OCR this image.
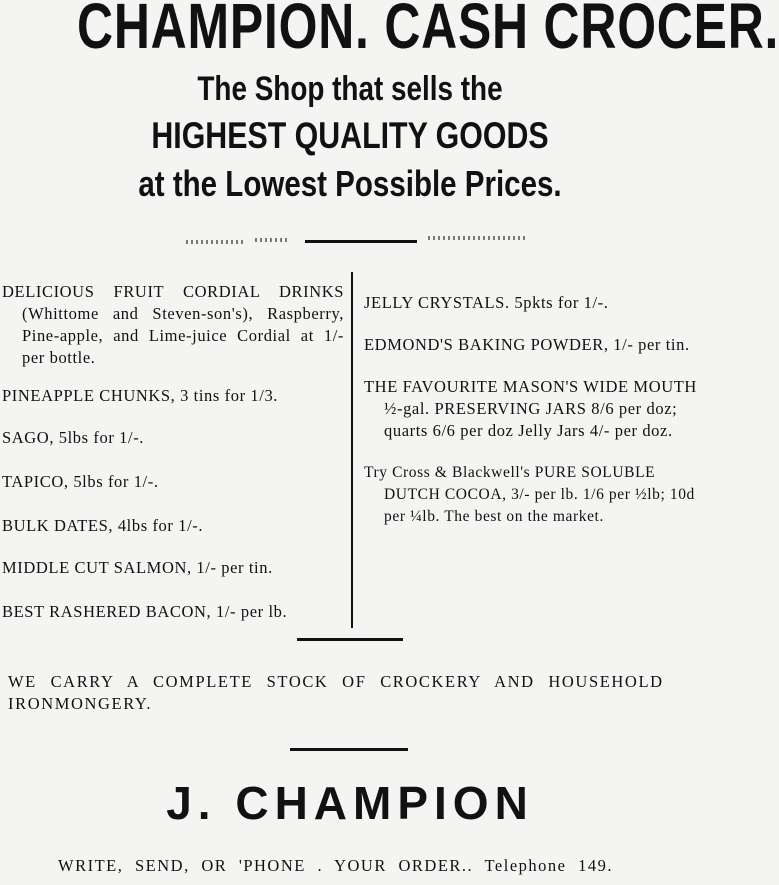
CHAMPION. CASH CROCER.
The Shop that sells the
HIGHEST QUALITY GOODS
at the Lowest Possible Prices.

DELICIOUS FRUIT CORDIAL DRINKS (Whittome and Steven-son's), Raspberry, Pine-apple, and Lime-juice Cordial at 1/- per bottle.

PINEAPPLE CHUNKS, 3 tins for 1/3.

SAGO, 5lbs for 1/-.

TAPICO, 5lbs for 1/-.

BULK DATES, 4lbs for 1/-.

MIDDLE CUT SALMON, 1/- per tin.

BEST RASHERED BACON, 1/- per lb.

JELLY CRYSTALS. 5pkts for 1/-.

EDMOND'S BAKING POWDER, 1/- per tin.

THE FAVOURITE MASON'S WIDE MOUTH ½-gal. PRESERVING JARS 8/6 per doz; quarts 6/6 per doz Jelly Jars 4/- per doz.

Try Cross & Blackwell's PURE SOLUBLE DUTCH COCOA, 3/- per lb. 1/6 per ½lb; 10d per ¼lb. The best on the market.

WE CARRY A COMPLETE STOCK OF CROCKERY AND HOUSEHOLD IRONMONGERY.
J. CHAMPION
WRITE, SEND, OR 'PHONE . YOUR ORDER.. Telephone 149.
